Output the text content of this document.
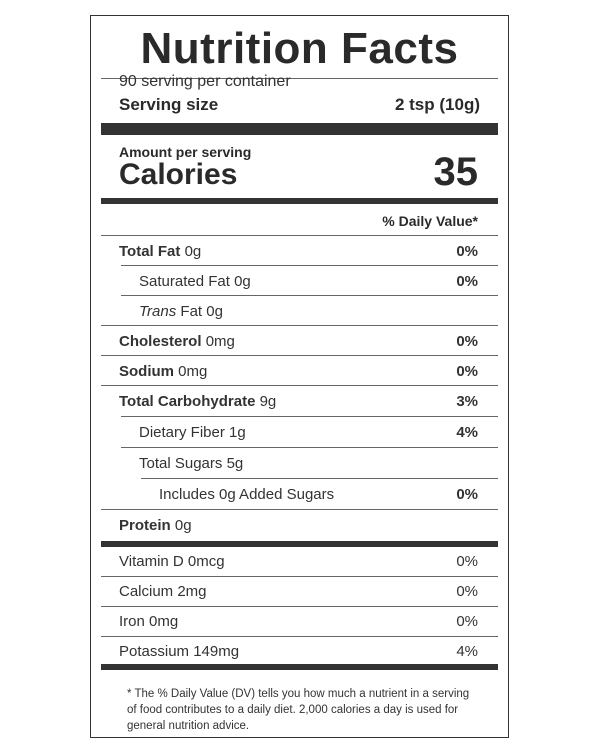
Nutrition Facts
90 serving per container
Serving size	2 tsp (10g)
Amount per serving
Calories	35
% Daily Value*
Total Fat 0g	0%
Saturated Fat 0g	0%
Trans Fat 0g
Cholesterol 0mg	0%
Sodium 0mg	0%
Total Carbohydrate 9g	3%
Dietary Fiber 1g	4%
Total Sugars 5g
Includes 0g Added Sugars	0%
Protein 0g
Vitamin D 0mcg	0%
Calcium 2mg	0%
Iron 0mg	0%
Potassium 149mg	4%
* The % Daily Value (DV) tells you how much a nutrient in a serving of food contributes to a daily diet. 2,000 calories a day is used for general nutrition advice.
